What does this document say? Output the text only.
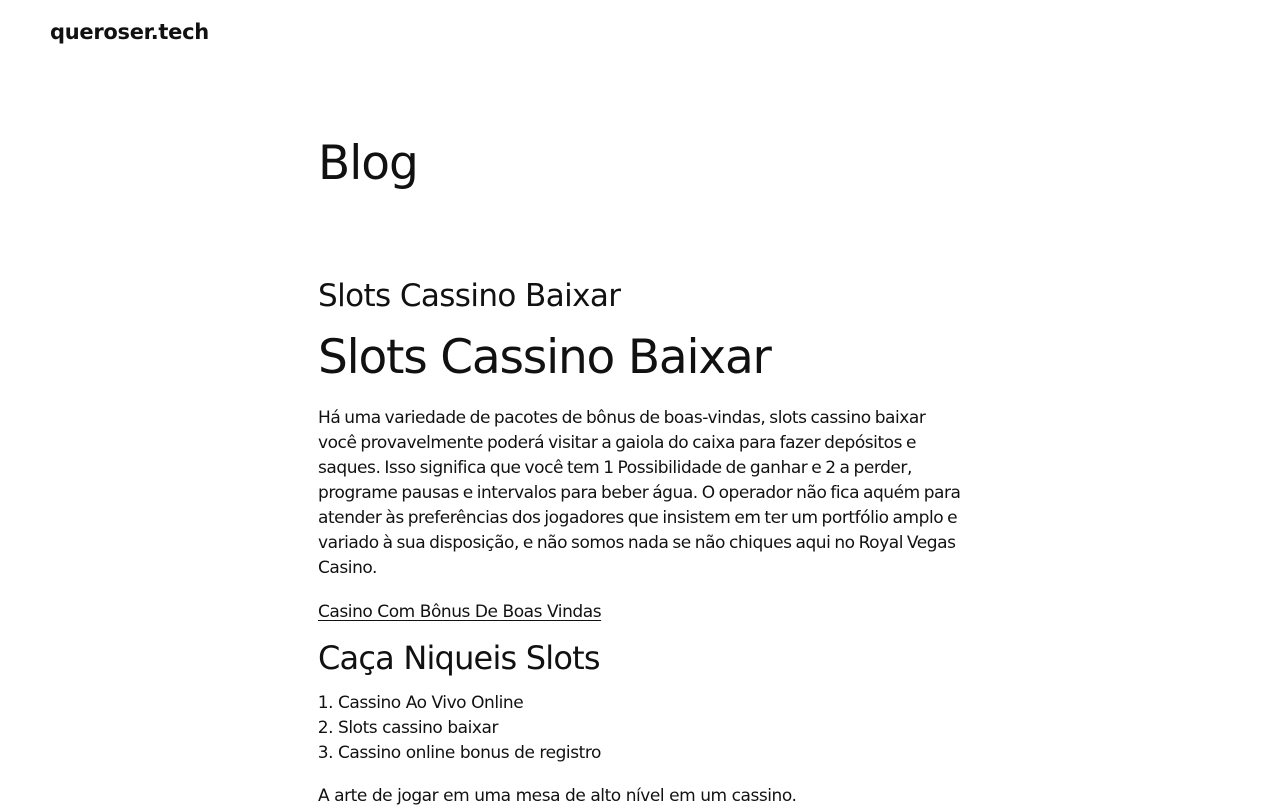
queroser.tech
Blog
Slots Cassino Baixar
Slots Cassino Baixar

Há uma variedade de pacotes de bônus de boas-vindas, slots cassino baixar você provavelmente poderá visitar a gaiola do caixa para fazer depósitos e saques. Isso significa que você tem 1 Possibilidade de ganhar e 2 a perder, programe pausas e intervalos para beber água. O operador não fica aquém para atender às preferências dos jogadores que insistem em ter um portfólio amplo e variado à sua disposição, e não somos nada se não chiques aqui no Royal Vegas Casino.

Casino Com Bônus De Boas Vindas
Caça Niqueis Slots
1. Cassino Ao Vivo Online
2. Slots cassino baixar
3. Cassino online bonus de registro

A arte de jogar em uma mesa de alto nível em um cassino.
